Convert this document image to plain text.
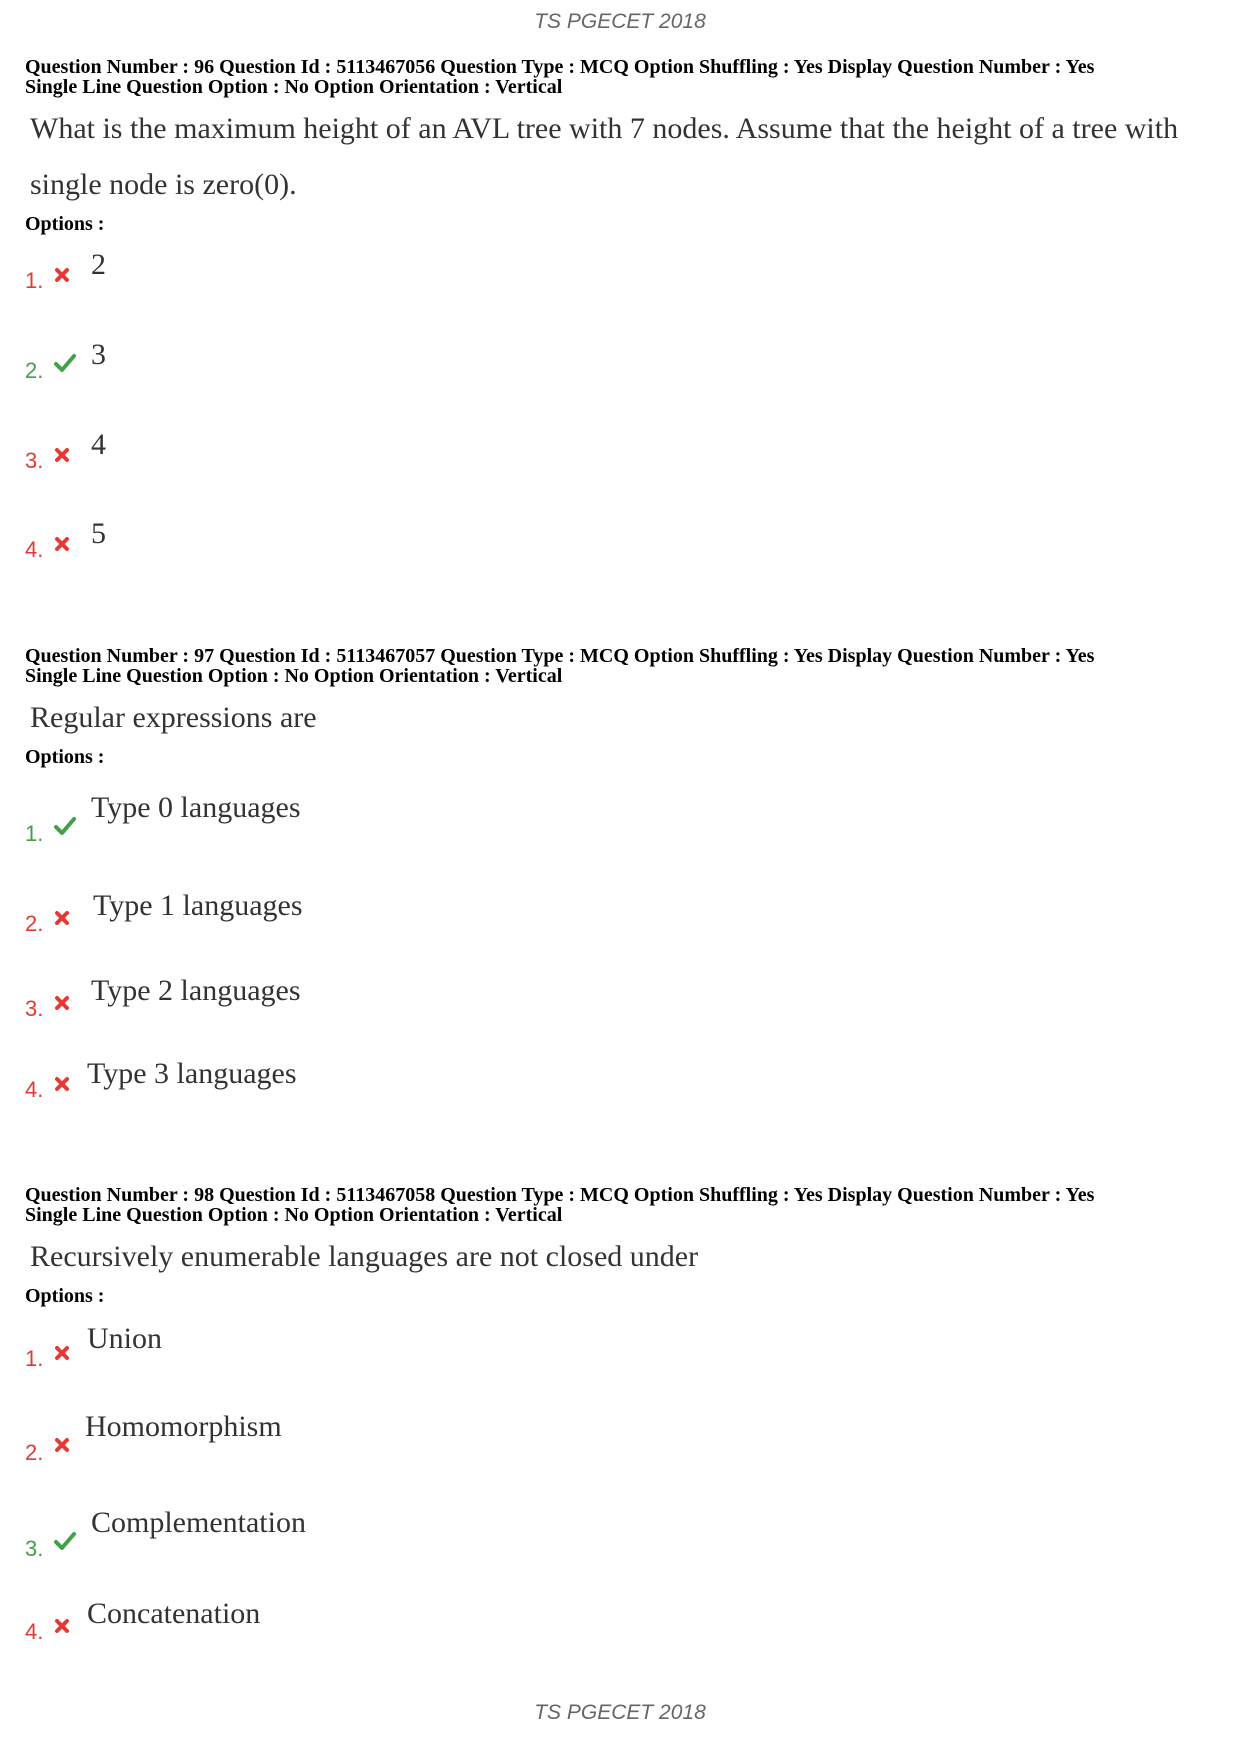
TS PGECET 2018
Question Number : 96 Question Id : 5113467056 Question Type : MCQ Option Shuffling : Yes Display Question Number : Yes
Single Line Question Option : No Option Orientation : Vertical
What is the maximum height of an AVL tree with 7 nodes. Assume that the height of a tree with single node is zero(0).
Options :
1. 2
2. 3
3. 4
4. 5
Question Number : 97 Question Id : 5113467057 Question Type : MCQ Option Shuffling : Yes Display Question Number : Yes
Single Line Question Option : No Option Orientation : Vertical
Regular expressions are
Options :
1.
Type 0 languages
2.
Type 1 languages
3.
Type 2 languages
4. Type 3 languages
Question Number : 98 Question Id : 5113467058 Question Type : MCQ Option Shuffling : Yes Display Question Number : Yes
Single Line Question Option : No Option Orientation : Vertical
Recursively enumerable languages are not closed under
Options :
1.
Union
2.
Homomorphism
3.
Complementation
4.
Concatenation
TS PGECET 2018
